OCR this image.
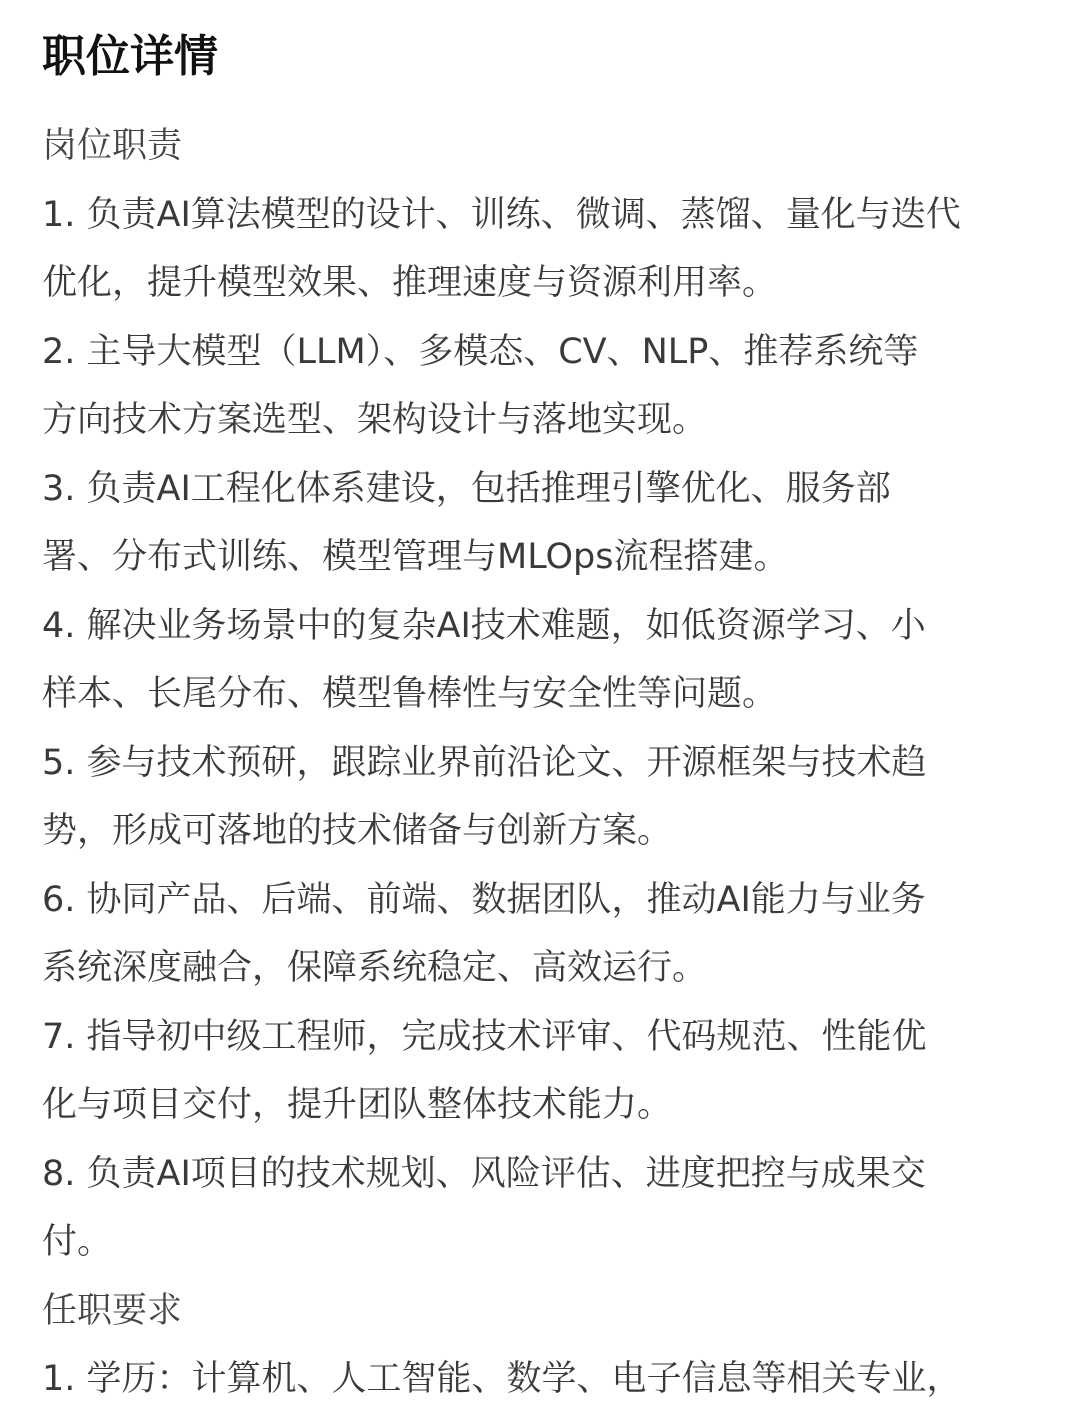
职位详情
岗位职责
1. 负责AI算法模型的设计、训练、微调、蒸馏、量化与迭代
优化，提升模型效果、推理速度与资源利用率。
2. 主导大模型（LLM）、多模态、CV、NLP、推荐系统等
方向技术方案选型、架构设计与落地实现。
3. 负责AI工程化体系建设，包括推理引擎优化、服务部
署、分布式训练、模型管理与MLOps流程搭建。
4. 解决业务场景中的复杂AI技术难题，如低资源学习、小
样本、长尾分布、模型鲁棒性与安全性等问题。
5. 参与技术预研，跟踪业界前沿论文、开源框架与技术趋
势，形成可落地的技术储备与创新方案。
6. 协同产品、后端、前端、数据团队，推动AI能力与业务
系统深度融合，保障系统稳定、高效运行。
7. 指导初中级工程师，完成技术评审、代码规范、性能优
化与项目交付，提升团队整体技术能力。
8. 负责AI项目的技术规划、风险评估、进度把控与成果交
付。
任职要求
1. 学历：计算机、人工智能、数学、电子信息等相关专业，
